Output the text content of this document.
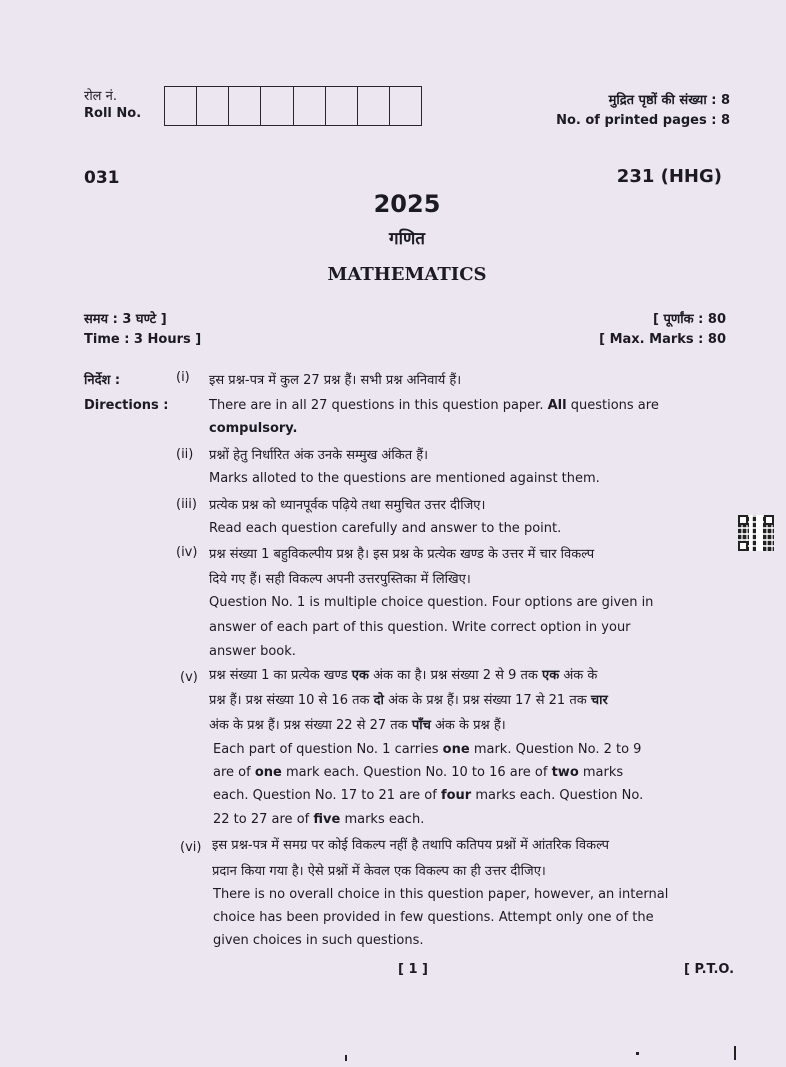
रोल नं.
Roll No.
मुद्रित पृष्ठों की संख्या : 8
No. of printed pages : 8
031	231 (HHG)
2025
गणित
MATHEMATICS
समय : 3 घण्टे ]
Time : 3 Hours ]
[ पूर्णांक : 80
[ Max. Marks : 80
निर्देश :
Directions :
(i) इस प्रश्न-पत्र में कुल 27 प्रश्न हैं। सभी प्रश्न अनिवार्य हैं।
There are in all 27 questions in this question paper. All questions are
compulsory.
(ii) प्रश्नों हेतु निर्धारित अंक उनके सम्मुख अंकित हैं।
Marks alloted to the questions are mentioned against them.
(iii) प्रत्येक प्रश्न को ध्यानपूर्वक पढ़िये तथा समुचित उत्तर दीजिए।
Read each question carefully and answer to the point.
(iv) प्रश्न संख्या 1 बहुविकल्पीय प्रश्न है। इस प्रश्न के प्रत्येक खण्ड के उत्तर में चार विकल्प
दिये गए हैं। सही विकल्प अपनी उत्तरपुस्तिका में लिखिए।
Question No. 1 is multiple choice question. Four options are given in
answer of each part of this question. Write correct option in your
answer book.
(v) प्रश्न संख्या 1 का प्रत्येक खण्ड एक अंक का है। प्रश्न संख्या 2 से 9 तक एक अंक के
प्रश्न हैं। प्रश्न संख्या 10 से 16 तक दो अंक के प्रश्न हैं। प्रश्न संख्या 17 से 21 तक चार
अंक के प्रश्न हैं। प्रश्न संख्या 22 से 27 तक पाँच अंक के प्रश्न हैं।
Each part of question No. 1 carries one mark. Question No. 2 to 9
are of one mark each. Question No. 10 to 16 are of two marks
each. Question No. 17 to 21 are of four marks each. Question No.
22 to 27 are of five marks each.
(vi) इस प्रश्न-पत्र में समग्र पर कोई विकल्प नहीं है तथापि कतिपय प्रश्नों में आंतरिक विकल्प
प्रदान किया गया है। ऐसे प्रश्नों में केवल एक विकल्प का ही उत्तर दीजिए।
There is no overall choice in this question paper, however, an internal
choice has been provided in few questions. Attempt only one of the
given choices in such questions.
[ 1 ]	[ P.T.O.
